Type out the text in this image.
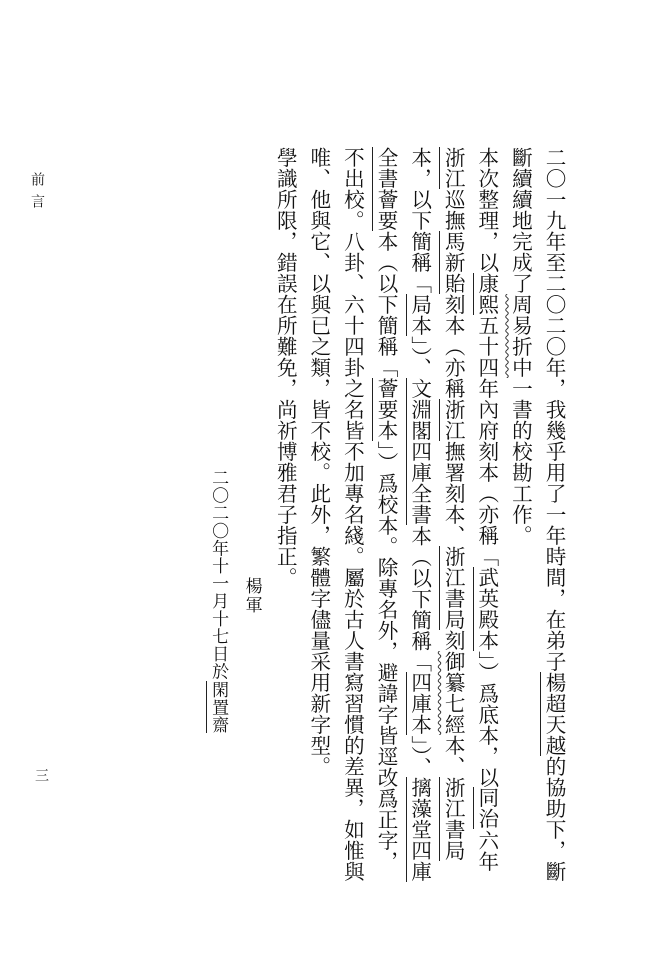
前言
三

二〇一九年至二〇二〇年，我幾乎用了一年時間，在弟子楊超天越的協助下，斷斷續續地完成了周易折中一書的校勘工作。

本次整理，以康熙五十四年內府刻本（亦稱「武英殿本」）爲底本，以同治六年浙江巡撫馬新貽刻本（亦稱浙江撫署刻本、浙江書局刻御纂七經本、浙江書局本，以下簡稱「局本」）、文淵閣四庫全書本（以下簡稱「四庫本」）、摛藻堂四庫全書薈要本（以下簡稱「薈要本」）爲校本。除專名外，避諱字皆逕改爲正字，不出校。八卦、六十四卦之名皆不加專名綫。屬於古人書寫習慣的差異，如惟與唯、他與它、以與已之類，皆不校。此外，繁體字儘量采用新字型。

學識所限，錯誤在所難免，尚祈博雅君子指正。

楊軍

二〇二〇年十一月十七日於閑置齋
